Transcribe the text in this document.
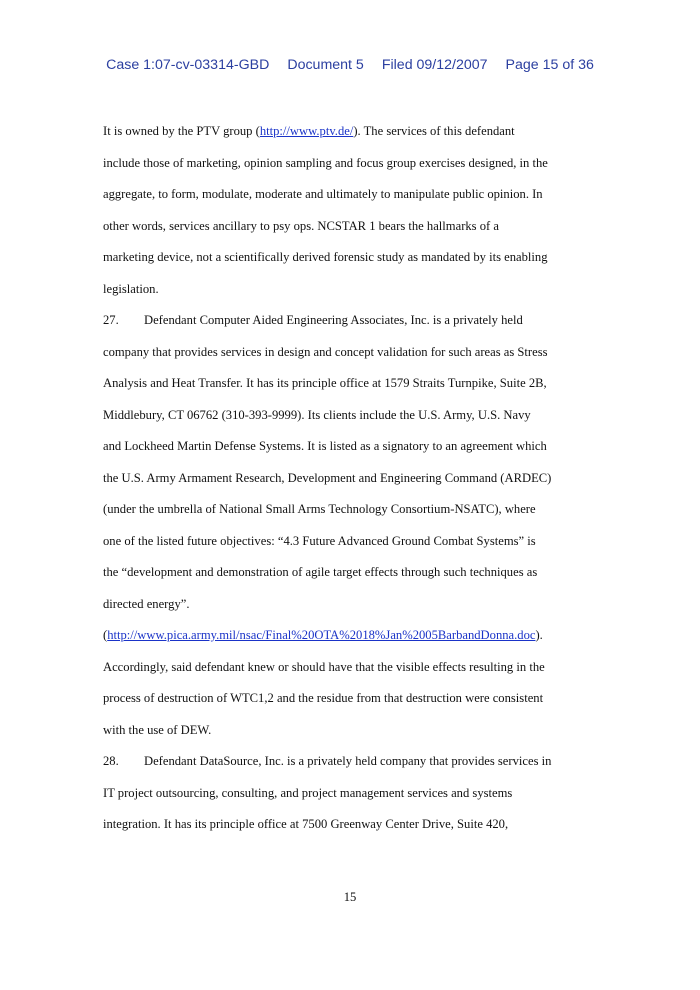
Case 1:07-cv-03314-GBD Document 5 Filed 09/12/2007 Page 15 of 36
It is owned by the PTV group (http://www.ptv.de/). The services of this defendant
include those of marketing, opinion sampling and focus group exercises designed, in the
aggregate, to form, modulate, moderate and ultimately to manipulate public opinion. In
other words, services ancillary to psy ops. NCSTAR 1 bears the hallmarks of a
marketing device, not a scientifically derived forensic study as mandated by its enabling
legislation.
27. Defendant Computer Aided Engineering Associates, Inc. is a privately held
company that provides services in design and concept validation for such areas as Stress
Analysis and Heat Transfer. It has its principle office at 1579 Straits Turnpike, Suite 2B,
Middlebury, CT 06762 (310-393-9999). Its clients include the U.S. Army, U.S. Navy
and Lockheed Martin Defense Systems. It is listed as a signatory to an agreement which
the U.S. Army Armament Research, Development and Engineering Command (ARDEC)
(under the umbrella of National Small Arms Technology Consortium-NSATC), where
one of the listed future objectives: “4.3 Future Advanced Ground Combat Systems” is
the “development and demonstration of agile target effects through such techniques as
directed energy”.
(http://www.pica.army.mil/nsac/Final%20OTA%2018%Jan%2005BarbandDonna.doc).
Accordingly, said defendant knew or should have that the visible effects resulting in the
process of destruction of WTC1,2 and the residue from that destruction were consistent
with the use of DEW.
28. Defendant DataSource, Inc. is a privately held company that provides services in
IT project outsourcing, consulting, and project management services and systems
integration. It has its principle office at 7500 Greenway Center Drive, Suite 420,
15
